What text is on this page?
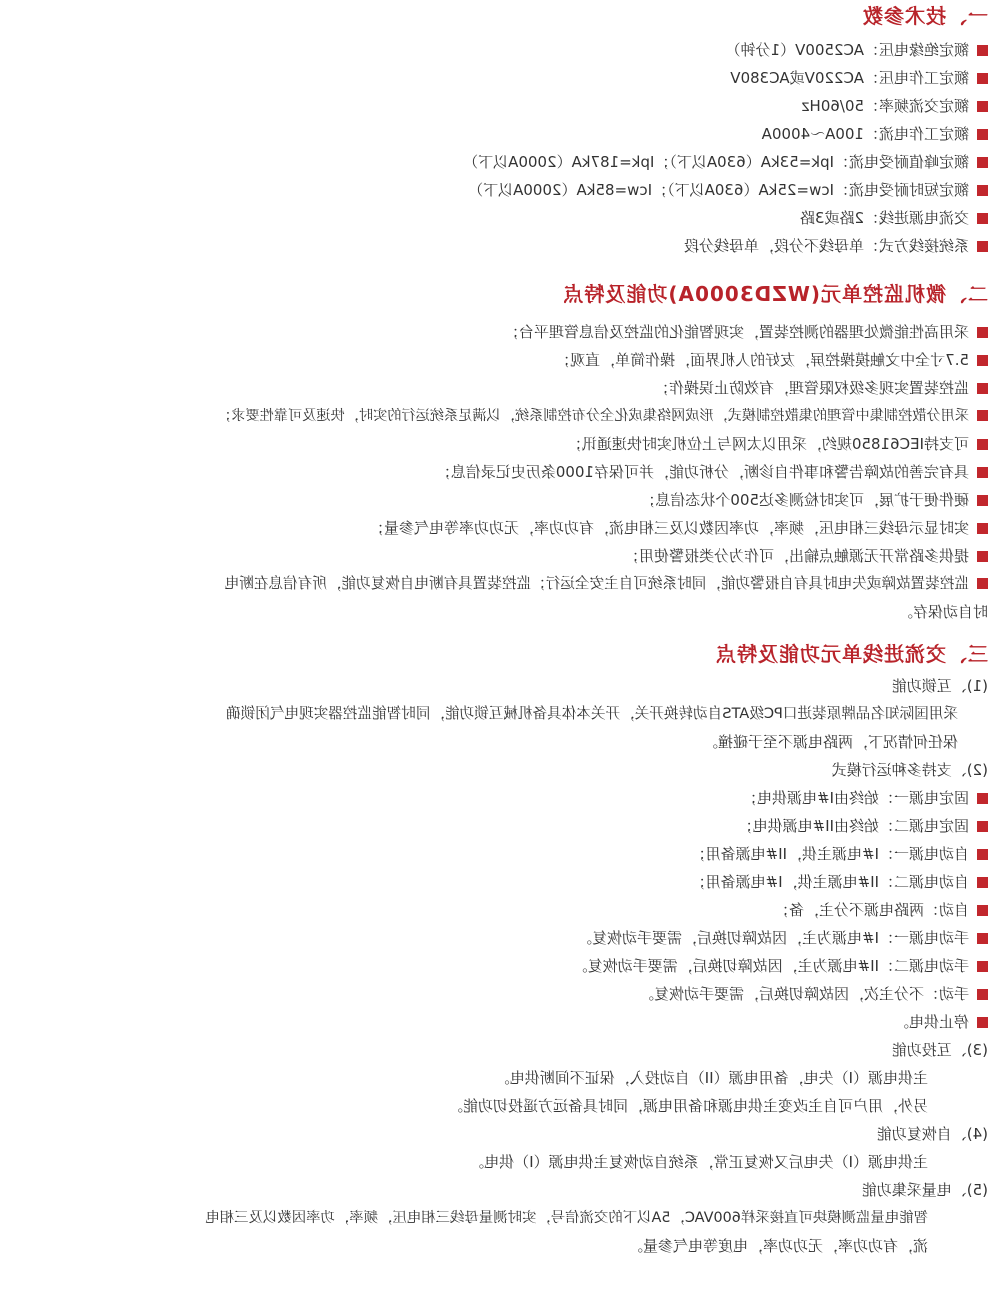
一、技术参数

额定绝缘电压：AC2500V（1分钟）

额定工作电压：AC220V或AC380V

额定交流频率：50/60Hz

额定工作电流：100A～4000A

额定峰值耐受电流：Ipk=53kA（630A以下）；Ipk=187kA（2000A以下）

额定短时耐受电流：Icw=25kA（630A以下）；Icw=85kA（2000A以下）

交流电源进线：2路或3路

系统接线方式：单母线不分段，单母线分段

二、微机监控单元(WZD3000A)功能及特点

采用高性能微处理器的测控装置，实现智能化的监控及信息管理平台；

5.7寸全中文触摸操控屏，友好的人机界面，操作简单，直观；

监控装置实现多级权限管理，有效防止误操作；

采用分散控制集中管理的集散控制模式，形成网络集成化全分布控制系统，以满足系统运行的实时，快速及可靠性要求；

可支持IEC61850规约，采用以太网与上位机实时快速通讯；

具有完善的故障告警和事件自诊断，分析功能，并可保存1000条历史记录信息；

硬件便于扩展，可实时检测多达500个状态信息；

实时显示母线三相电压，频率，功率因数以及三相电流，有功功率，无功功率等电气参量；

提供多路常开无源触点输出，可作为分类报警使用；

监控装置故障或失电时具有自报警功能，同时系统可自主安全运行；监控装置具有断电自恢复功能，所有信息在断电

时自动保存。

三、交流进线单元功能及特点

(1)、互锁功能

采用国际知名品牌原装进口PC级ATS自动转换开关，开关本体具备机械互锁功能，同时智能监控器实现电气闭锁确

保任何情况下，两路电源不至于碰撞。

(2)、支持多种运行模式

固定电源一：始终由I#电源供电；

固定电源二：始终由II#电源供电；

自动电源一：I#电源主供，II#电源备用；

自动电源二：II#电源主供，I#电源备用；

自动：两路电源不分主，备；

手动电源一：I#电源为主，因故障切换后，需要手动恢复。

手动电源二：II#电源为主，因故障切换后，需要手动恢复。

手动：不分主次，因故障切换后，需要手动恢复。

停止供电。

(3)、互投功能

主供电源（I）失电，备用电源（II）自动投入，保证不间断供电。

另外，用户可自主改变主供电源和备用电源，同时具备远方遥投切功能。

(4)、自恢复功能

主供电源（I）失电后又恢复正常，系统自动恢复主供电源（I）供电。

(5)、电量采集功能

智能电量监测模块可直接采样600VAC，5A以下的交流信号，实时测量母线三相电压，频率，功率因数以及三相电

流，有功功率，无功功率，电度等电气参量。
